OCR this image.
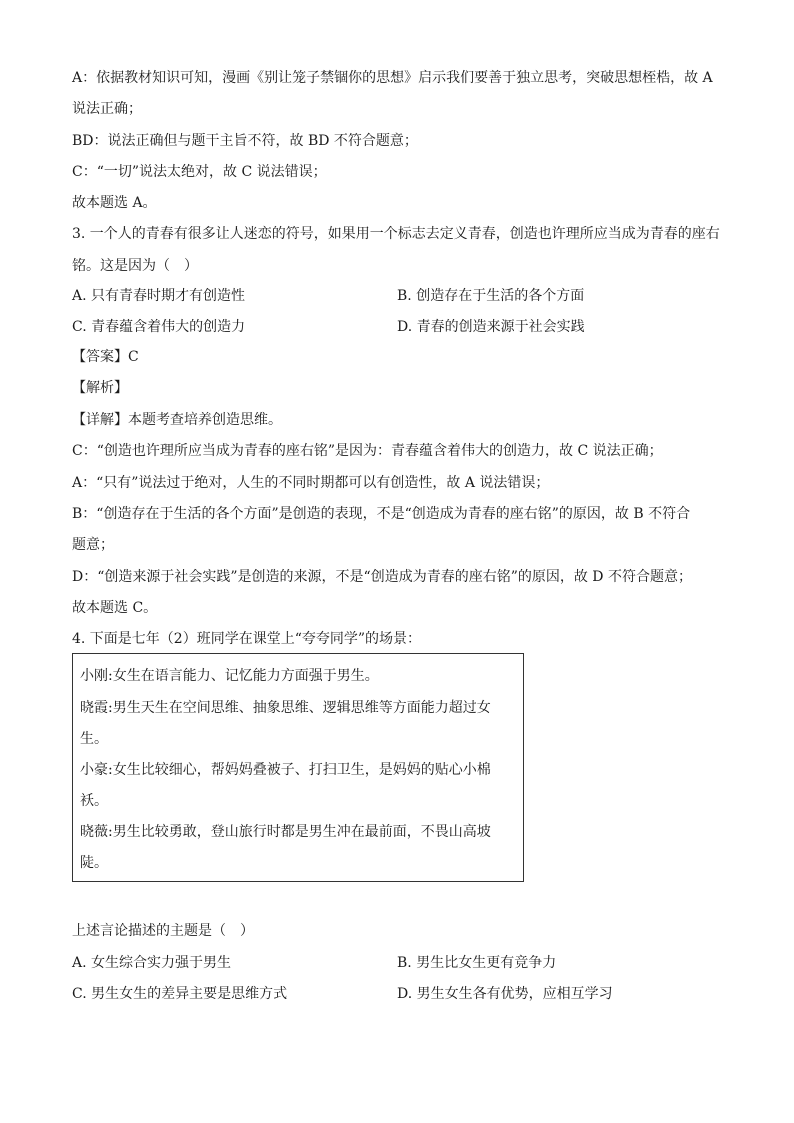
A：依据教材知识可知，漫画《别让笼子禁锢你的思想》启示我们要善于独立思考，突破思想桎梏，故 A
说法正确；
BD：说法正确但与题干主旨不符，故 BD 不符合题意；
C：“一切”说法太绝对，故 C 说法错误；
故本题选 A。
3. 一个人的青春有很多让人迷恋的符号，如果用一个标志去定义青春，创造也许理所应当成为青春的座右
铭。这是因为（　）
A. 只有青春时期才有创造性	B. 创造存在于生活的各个方面
C. 青春蕴含着伟大的创造力	D. 青春的创造来源于社会实践
【答案】C
【解析】
【详解】本题考查培养创造思维。
C：“创造也许理所应当成为青春的座右铭”是因为：青春蕴含着伟大的创造力，故 C 说法正确；
A：“只有”说法过于绝对，人生的不同时期都可以有创造性，故 A 说法错误；
B：“创造存在于生活的各个方面”是创造的表现，不是“创造成为青春的座右铭”的原因，故 B 不符合
题意；
D：“创造来源于社会实践”是创造的来源，不是“创造成为青春的座右铭”的原因，故 D 不符合题意；
故本题选 C。
4. 下面是七年（2）班同学在课堂上“夸夸同学”的场景：
小刚:女生在语言能力、记忆能力方面强于男生。
晓霞:男生天生在空间思维、抽象思维、逻辑思维等方面能力超过女
生。
小豪:女生比较细心，帮妈妈叠被子、打扫卫生，是妈妈的贴心小棉
袄。
晓薇:男生比较勇敢，登山旅行时都是男生冲在最前面，不畏山高坡
陡。
上述言论描述的主题是（　）
A. 女生综合实力强于男生	B. 男生比女生更有竞争力
C. 男生女生的差异主要是思维方式	D. 男生女生各有优势，应相互学习
